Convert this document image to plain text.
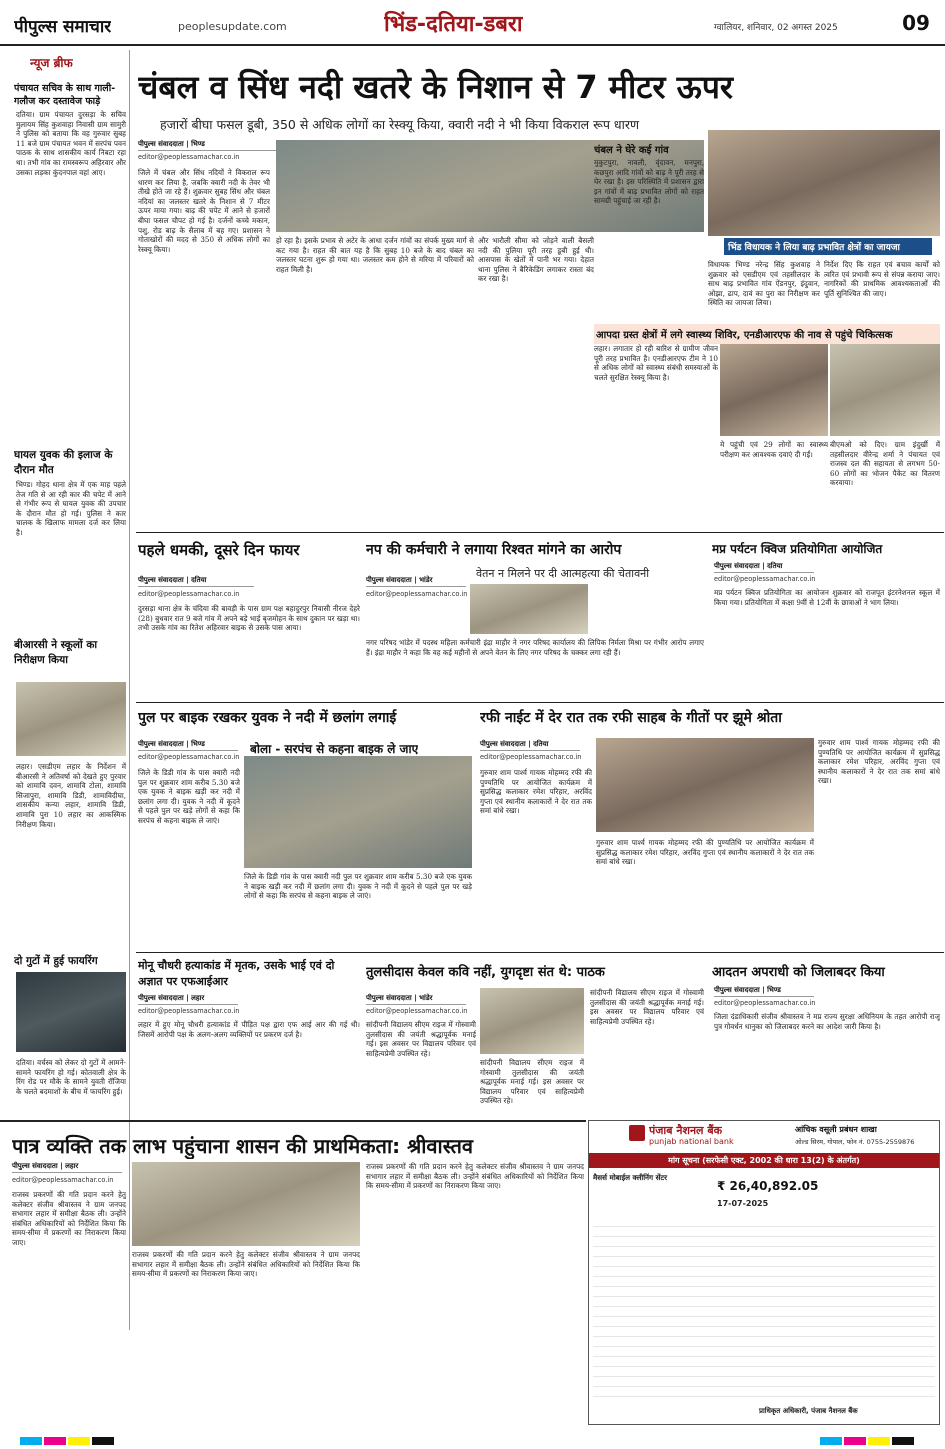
पीपुल्स समाचार	peoplesupdate.com	भिंड-दतिया-डबरा	ग्वालियर, शनिवार, 02 अगस्त 2025	09
न्यूज ब्रीफ
पंचायत सचिव के साथ गाली-गलौज कर दस्तावेज फाड़े
दतिया। ग्राम पंचायत दुरसड़ा के सचिव मुलायम सिंह कुशवाहा निवासी ग्राम सामुरी ने पुलिस को बताया कि वह गुरुवार सुबह 11 बजे ग्राम पंचायत भवन में सरपंच पवन पाठक के साथ शासकीय कार्य निबटा रहा था। तभी गांव का रामस्वरूप अहिरवार और उसका लड़का कुंदनपाल वहां आए।
घायल युवक की इलाज के दौरान मौत
भिण्ड। गोहद थाना क्षेत्र में एक माह पहले तेज गति से आ रही कार की चपेट में आने से गंभीर रूप से घायल युवक की उपचार के दौरान मौत हो गई। पुलिस ने कार चालक के खिलाफ मामला दर्ज कर लिया है।
बीआरसी ने स्कूलों का निरीक्षण किया
लहार। एसडीएम लहार के निर्देशन में बीआरसी ने अतिवर्षा को देखते हुए पुरवार को शामावि दवन, शामावि टोला, शामावि सिजापुरा, शामावि डिडी, शामाविदीघा, शासकीय कन्या लहार, शामावि डिडी, शामावि पुरा 10 लहार का आकस्मिक निरीक्षण किया।
दो गुटों में हुई फायरिंग
दतिया। वर्चस्व को लेकर दो गुटों में आमने-सामने फायरिंग हो गई। कोतवाली क्षेत्र के रिंग रोड पर मौके के सामने युवती रॉजिया के चलते बदमाशों के बीच में फायरिंग हुई।
चंबल व सिंध नदी खतरे के निशान से 7 मीटर ऊपर
हजारों बीघा फसल डूबी, 350 से अधिक लोगों का रेस्क्यू किया, क्वारी नदी ने भी किया विकराल रूप धारण
पीपुल्स संवाददाता | भिण्ड
editor@peoplessamachar.co.in
जिले में चंबल और सिंध नदियों ने विकराल रूप धारण कर लिया है, जबकि क्वारी नदी के तेवर भी तीखे होते जा रहे हैं। शुक्रवार सुबह सिंध और चंबल नदियां का जलस्तर खतरे के निशान से 7 मीटर ऊपर माया गया। बाढ़ की चपेट में आने से हजारों बीघा फसल चौपट हो गई है। दर्जनों कच्चे मकान, पशु, रोड बाढ़ के सैलाब में बह गए। प्रशासन ने गोताखोरों की मदद से 350 से अधिक लोगों का रेस्क्यू किया।
हो रहा है। इसके प्रभाव से अटेर के आधा दर्जन गांवों का संपर्क मुख्य मार्ग से कट गया है। राहत की बात यह है कि सुबह 10 बजे के बाद चंबल का जलस्तर घटना शुरू हो गया था। जलस्तर कम होने से मरिया में परिवारों को राहत मिली है।
और भारौली सीमा को जोड़ने वाली बैसली नदी की पुलिया पूरी तरह डूबी हुई थी। आसपास के खेतों में पानी भर गया। देहात थाना पुलिस ने बैरिकेडिंग लगाकर रास्ता बंद कर रखा है।
चंबल ने घेरे कई गांव
मुकुटपुरा, नावली, वृंदावन, मनपुरा, कछपुरा आदि गांवों को बाढ़ ने पूरी तरह से घेर रखा है। इस परिस्थिति में प्रशासन द्वारा इन गांवों में बाढ़ प्रभावित लोगों को राहत सामग्री पहुंचाई जा रही है।
भिंड विधायक ने लिया बाढ़ प्रभावित क्षेत्रों का जायजा
विधायक भिण्ड नरेन्द्र सिंह कुशवाह ने शुक्रवार को एसडीएम एवं तहसीलदार के साथ बाढ़ प्रभावित गांव ऐंडनपुर, इंदुवान, ओझा, ढाप, दावं का पुरा का निरीक्षण कर स्थिति का जायजा लिया।
निर्देश दिए कि राहत एवं बचाव कार्यों को त्वरित एवं प्रभावी रूप से संपन्न कराया जाए। नागरिकों की प्राथमिक आवश्यकताओं की पूर्ति सुनिश्चित की जाए।
आपदा ग्रस्त क्षेत्रों में लगे स्वास्थ्य शिविर, एनडीआरएफ की नाव से पहुंचे चिकित्सक
लहार। लगातार हो रही बारिश से ग्रामीण जीवन पूरी तरह प्रभावित है। एनडीआरएफ टीम ने 10 से अधिक लोगों को स्वास्थ्य संबंधी समस्याओं के चलते सुरक्षित रेस्क्यू किया है।
मे पहुंची एवं 29 लोगों का स्वास्थ्य परीक्षण कर आवश्यक दवाएं दी गईं।
बीएमओ को दिए। ग्राम इंदुर्खी में तहसीलदार वीरेन्द्र शर्मा ने पंचायत एवं राजस्व दल की सहायता से लगभग 50-60 लोगों का भोजन पैकेट का वितरण करवाया।
पहले धमकी, दूसरे दिन फायर
पीपुल्स संवाददाता | दतिया
editor@peoplessamachar.co.in
दुरसड़ा थाना क्षेत्र के चंदिया की बावड़ी के पास ग्राम पक्ष बहादुरपुर निवासी नीरज देहरे (28) बुधवार रात 9 बजे गांव में अपने बड़े भाई बृजमोहन के साथ दुकान पर खड़ा था। तभी उसके गांव का रितेश अहिरवार बाइक से उसके पास आया।
नप की कर्मचारी ने लगाया रिश्वत मांगने का आरोप
वेतन न मिलने पर दी आत्महत्या की चेतावनी
पीपुल्स संवाददाता | भांडेर
editor@peoplessamachar.co.in
नगर परिषद भांडेर में पदस्थ महिला कर्मचारी इंद्रा माहौर ने नगर परिषद कार्यालय की लिपिक निर्मला मिश्रा पर गंभीर आरोप लगाए हैं। इंद्रा माहौर ने कहा कि वह कई महीनों से अपने वेतन के लिए नगर परिषद के चक्कर लगा रही हैं।
मप्र पर्यटन क्विज प्रतियोगिता आयोजित
पीपुल्स संवाददाता | दतिया
editor@peoplessamachar.co.in
मप्र पर्यटन क्विज प्रतियोगिता का आयोजन शुक्रवार को राजपूत इंटरनेशनल स्कूल में किया गया। प्रतियोगिता में कक्षा 9वीं से 12वीं के छात्राओं ने भाग लिया।
पुल पर बाइक रखकर युवक ने नदी में छलांग लगाई
पीपुल्स संवाददाता | भिण्ड
editor@peoplessamachar.co.in
बोला - सरपंच से कहना बाइक ले जाए
जिले के डिडी गांव के पास क्वारी नदी पुल पर शुक्रवार शाम करीब 5.30 बजे एक युवक ने बाइक खड़ी कर नदी में छलांग लगा दी। युवक ने नदी में कूदने से पहले पुल पर खड़े लोगों से कहा कि सरपंच से कहना बाइक ले जाएं।
जिले के डिडी गांव के पास क्वारी नदी पुल पर शुक्रवार शाम करीब 5.30 बजे एक युवक ने बाइक खड़ी कर नदी में छलांग लगा दी। युवक ने नदी में कूदने से पहले पुल पर खड़े लोगों से कहा कि सरपंच से कहना बाइक ले जाएं।
रफी नाईट में देर रात तक रफी साहब के गीतों पर झूमे श्रोता
पीपुल्स संवाददाता | दतिया
editor@peoplessamachar.co.in
गुरुवार शाम पार्श्व गायक मोहम्मद रफी की पुण्यतिथि पर आयोजित कार्यक्रम में सुप्रसिद्ध कलाकार रमेश परिहार, अरविंद गुप्ता एवं स्थानीय कलाकारों ने देर रात तक समां बांधे रखा।
गुरुवार शाम पार्श्व गायक मोहम्मद रफी की पुण्यतिथि पर आयोजित कार्यक्रम में सुप्रसिद्ध कलाकार रमेश परिहार, अरविंद गुप्ता एवं स्थानीय कलाकारों ने देर रात तक समां बांधे रखा।
गुरुवार शाम पार्श्व गायक मोहम्मद रफी की पुण्यतिथि पर आयोजित कार्यक्रम में सुप्रसिद्ध कलाकार रमेश परिहार, अरविंद गुप्ता एवं स्थानीय कलाकारों ने देर रात तक समां बांधे रखा।
मोनू चौधरी हत्याकांड में मृतक, उसके भाई एवं दो अज्ञात पर एफआईआर
पीपुल्स संवाददाता | लहार
editor@peoplessamachar.co.in
लहार में हुए मोनू चौधरी हत्याकांड में पीड़ित पक्ष द्वारा एफ आई आर की गई थी। जिसमें आरोपी पक्ष के अलग-अलग व्यक्तियों पर प्रकरण दर्ज है।
तुलसीदास केवल कवि नहीं, युगदृष्टा संत थे: पाठक
पीपुल्स संवाददाता | भांडेर
editor@peoplessamachar.co.in
सांदीपनी विद्यालय सीएम राइज में गोस्वामी तुलसीदास की जयंती श्रद्धापूर्वक मनाई गई। इस अवसर पर विद्यालय परिवार एवं साहित्यप्रेमी उपस्थित रहे।
सांदीपनी विद्यालय सीएम राइज में गोस्वामी तुलसीदास की जयंती श्रद्धापूर्वक मनाई गई। इस अवसर पर विद्यालय परिवार एवं साहित्यप्रेमी उपस्थित रहे।
सांदीपनी विद्यालय सीएम राइज में गोस्वामी तुलसीदास की जयंती श्रद्धापूर्वक मनाई गई। इस अवसर पर विद्यालय परिवार एवं साहित्यप्रेमी उपस्थित रहे।
आदतन अपराधी को जिलाबदर किया
पीपुल्स संवाददाता | भिण्ड
editor@peoplessamachar.co.in
जिला दंडाधिकारी संजीव श्रीवास्तव ने मप्र राज्य सुरक्षा अधिनियम के तहत आरोपी राजू पुत्र गोवर्धन धानुका को जिलाबदर करने का आदेश जारी किया है।
पंजाब नैशनल बैंक
punjab national bank
आंचिक वसूली प्रबंधन शाखा
ओल्ड सिरम, गोपाल, फोन नं. 0755-2559876
मांग सूचना (सरफेसी एक्ट, 2002 की धारा 13(2) के अंतर्गत)
मैसर्स मोबाईल क्लीनिंग सेंटर
₹ 26,40,892.05
17-07-2025
प्राधिकृत अधिकारी, पंजाब नैशनल बैंक
पात्र व्यक्ति तक लाभ पहुंचाना शासन की प्राथमिकता: श्रीवास्तव
पीपुल्स संवाददाता | लहार
editor@peoplessamachar.co.in
राजस्व प्रकरणों की गति प्रदान करने हेतु कलेक्टर संजीव श्रीवास्तव ने ग्राम जनपद सभागार लहार में समीक्षा बैठक ली। उन्होंने संबंधित अधिकारियों को निर्देशित किया कि समय-सीमा में प्रकरणों का निराकरण किया जाए।
राजस्व प्रकरणों की गति प्रदान करने हेतु कलेक्टर संजीव श्रीवास्तव ने ग्राम जनपद सभागार लहार में समीक्षा बैठक ली। उन्होंने संबंधित अधिकारियों को निर्देशित किया कि समय-सीमा में प्रकरणों का निराकरण किया जाए।
राजस्व प्रकरणों की गति प्रदान करने हेतु कलेक्टर संजीव श्रीवास्तव ने ग्राम जनपद सभागार लहार में समीक्षा बैठक ली। उन्होंने संबंधित अधिकारियों को निर्देशित किया कि समय-सीमा में प्रकरणों का निराकरण किया जाए।
